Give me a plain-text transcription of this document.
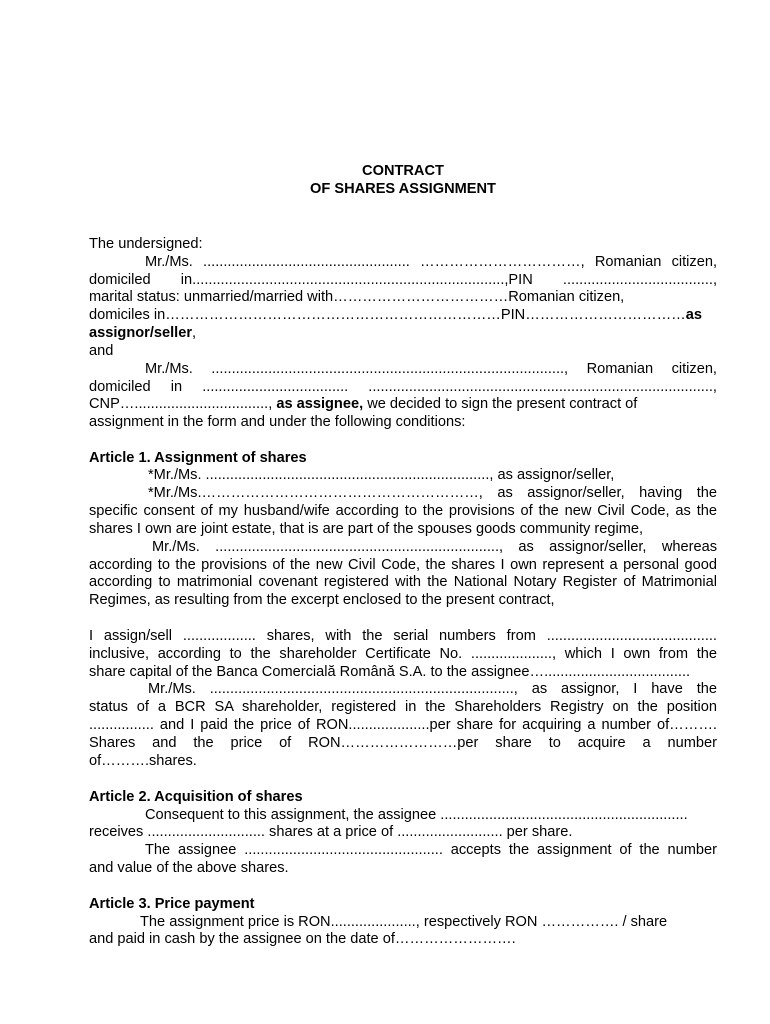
CONTRACT
OF SHARES ASSIGNMENT
The undersigned:
Mr./Ms. ................................................... ……………………………, Romanian citizen,
domiciled in.............................................................................,PIN .....................................,
marital status: unmarried/married with………………………………Romanian citizen,
domiciles in……………………………………………………………PIN……………………………as
assignor/seller,
and
Mr./Ms. ......................................................................................., Romanian citizen,
domiciled in .................................... .....................................................................................,
CNP…................................., as assignee, we decided to sign the present contract of
assignment in the form and under the following conditions:
Article 1. Assignment of shares
*Mr./Ms. ......................................................................, as assignor/seller,
*Mr./Ms.…………………………………………………, as assignor/seller, having the
specific consent of my husband/wife according to the provisions of the new Civil Code, as the
shares I own are joint estate, that is are part of the spouses goods community regime,
Mr./Ms. ......................................................................, as assignor/seller, whereas
according to the provisions of the new Civil Code, the shares I own represent a personal good
according to matrimonial covenant registered with the National Notary Register of Matrimonial
Regimes, as resulting from the excerpt enclosed to the present contract,
I assign/sell .................. shares, with the serial numbers from ..........................................
inclusive, according to the shareholder Certificate No. ...................., which I own from the
share capital of the Banca Comercială Română S.A. to the assignee…....................................
Mr./Ms. ..........................................................................., as assignor, I have the
status of a BCR SA shareholder, registered in the Shareholders Registry on the position
................ and I paid the price of RON....................per share for acquiring a number of……….
Shares and the price of RON……………………per share to acquire a number
of……….shares.
Article 2. Acquisition of shares
Consequent to this assignment, the assignee .............................................................
receives ............................. shares at a price of .......................... per share.
The assignee ................................................. accepts the assignment of the number
and value of the above shares.
Article 3. Price payment
The assignment price is RON....................., respectively RON ……………. / share
and paid in cash by the assignee on the date of…………………….
